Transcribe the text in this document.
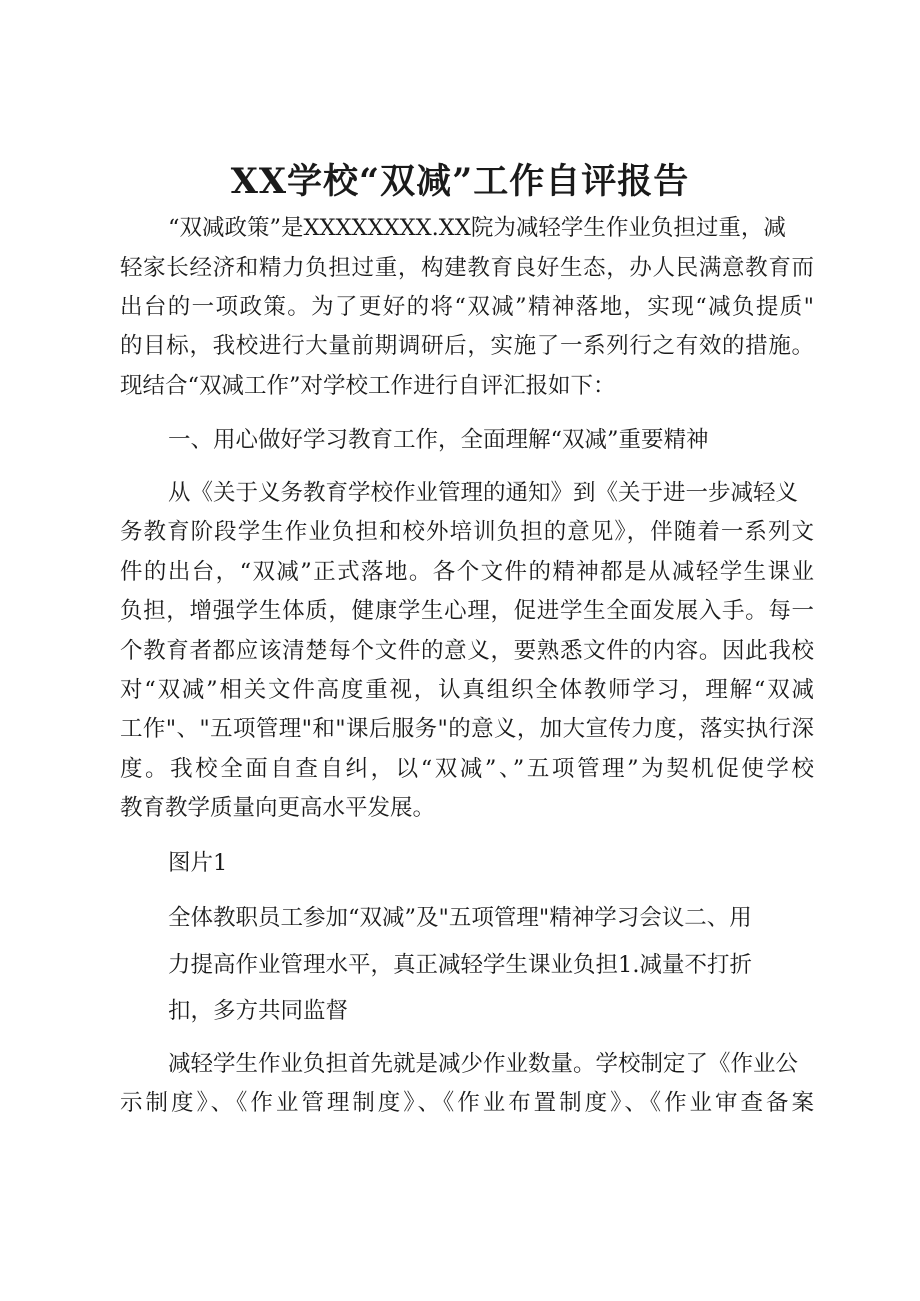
XX学校“双减”工作自评报告
“双减政策”是XXXXXXXX.XX院为减轻学生作业负担过重，减
轻家长经济和精力负担过重，构建教育良好生态，办人民满意教育而
出台的一项政策。为了更好的将“双减”精神落地，实现“减负提质"
的目标，我校进行大量前期调研后，实施了一系列行之有效的措施。
现结合“双减工作”对学校工作进行自评汇报如下：
一、用心做好学习教育工作，全面理解“双减”重要精神
从《关于义务教育学校作业管理的通知》到《关于进一步减轻义
务教育阶段学生作业负担和校外培训负担的意见》，伴随着一系列文
件的出台，“双减”正式落地。各个文件的精神都是从减轻学生课业
负担，增强学生体质，健康学生心理，促进学生全面发展入手。每一
个教育者都应该清楚每个文件的意义，要熟悉文件的内容。因此我校
对“双减”相关文件高度重视，认真组织全体教师学习，理解“双减
工作"、"五项管理"和"课后服务"的意义，加大宣传力度，落实执行深
度。我校全面自查自纠，以“双减”、”五项管理”为契机促使学校
教育教学质量向更高水平发展。
图片1
全体教职员工参加“双减”及"五项管理"精神学习会议二、用
力提高作业管理水平，真正减轻学生课业负担1.减量不打折
扣，多方共同监督
减轻学生作业负担首先就是减少作业数量。学校制定了《作业公
示制度》、《作业管理制度》、《作业布置制度》、《作业审查备案
